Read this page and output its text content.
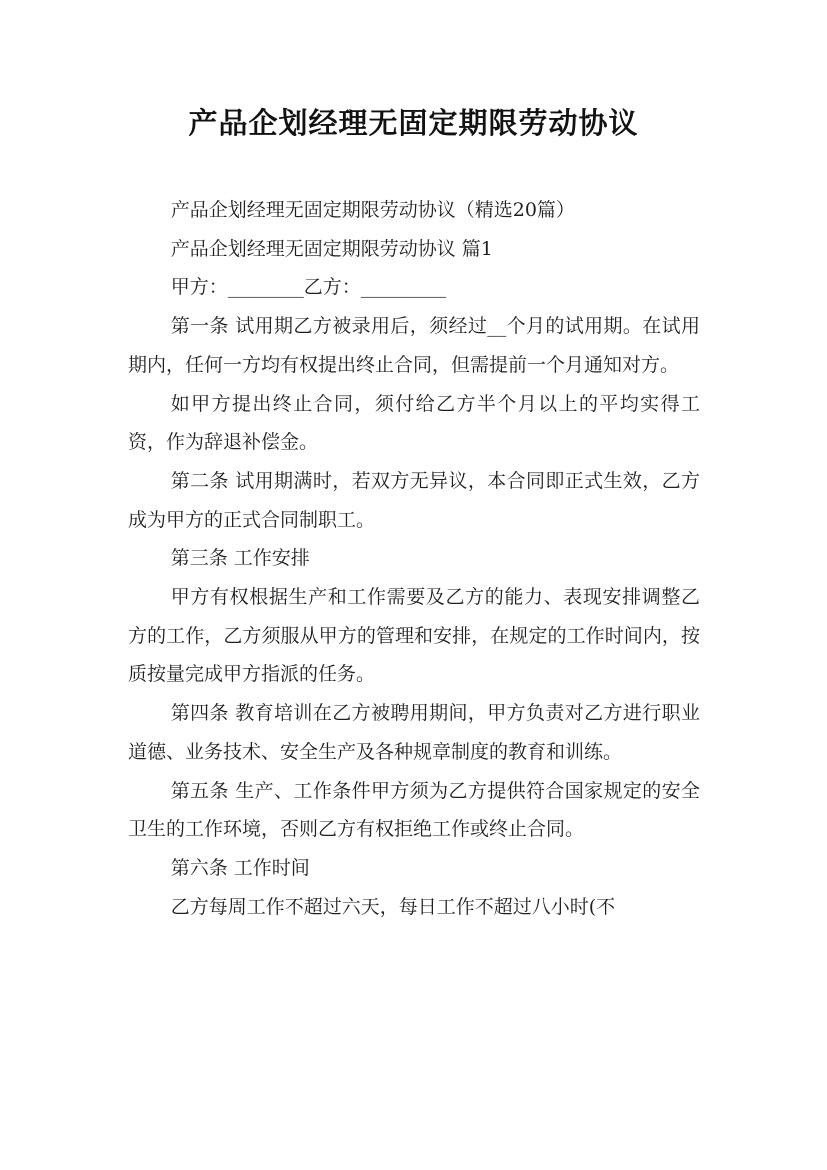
产品企划经理无固定期限劳动协议

产品企划经理无固定期限劳动协议（精选20篇）

产品企划经理无固定期限劳动协议 篇1

甲方：________乙方：_________

第一条 试用期乙方被录用后，须经过__个月的试用期。在试用期内，任何一方均有权提出终止合同，但需提前一个月通知对方。

如甲方提出终止合同，须付给乙方半个月以上的平均实得工资，作为辞退补偿金。

第二条 试用期满时，若双方无异议，本合同即正式生效，乙方成为甲方的正式合同制职工。

第三条 工作安排

甲方有权根据生产和工作需要及乙方的能力、表现安排调整乙方的工作，乙方须服从甲方的管理和安排，在规定的工作时间内，按质按量完成甲方指派的任务。

第四条 教育培训在乙方被聘用期间，甲方负责对乙方进行职业道德、业务技术、安全生产及各种规章制度的教育和训练。

第五条 生产、工作条件甲方须为乙方提供符合国家规定的安全卫生的工作环境，否则乙方有权拒绝工作或终止合同。

第六条 工作时间

乙方每周工作不超过六天，每日工作不超过八小时(不
